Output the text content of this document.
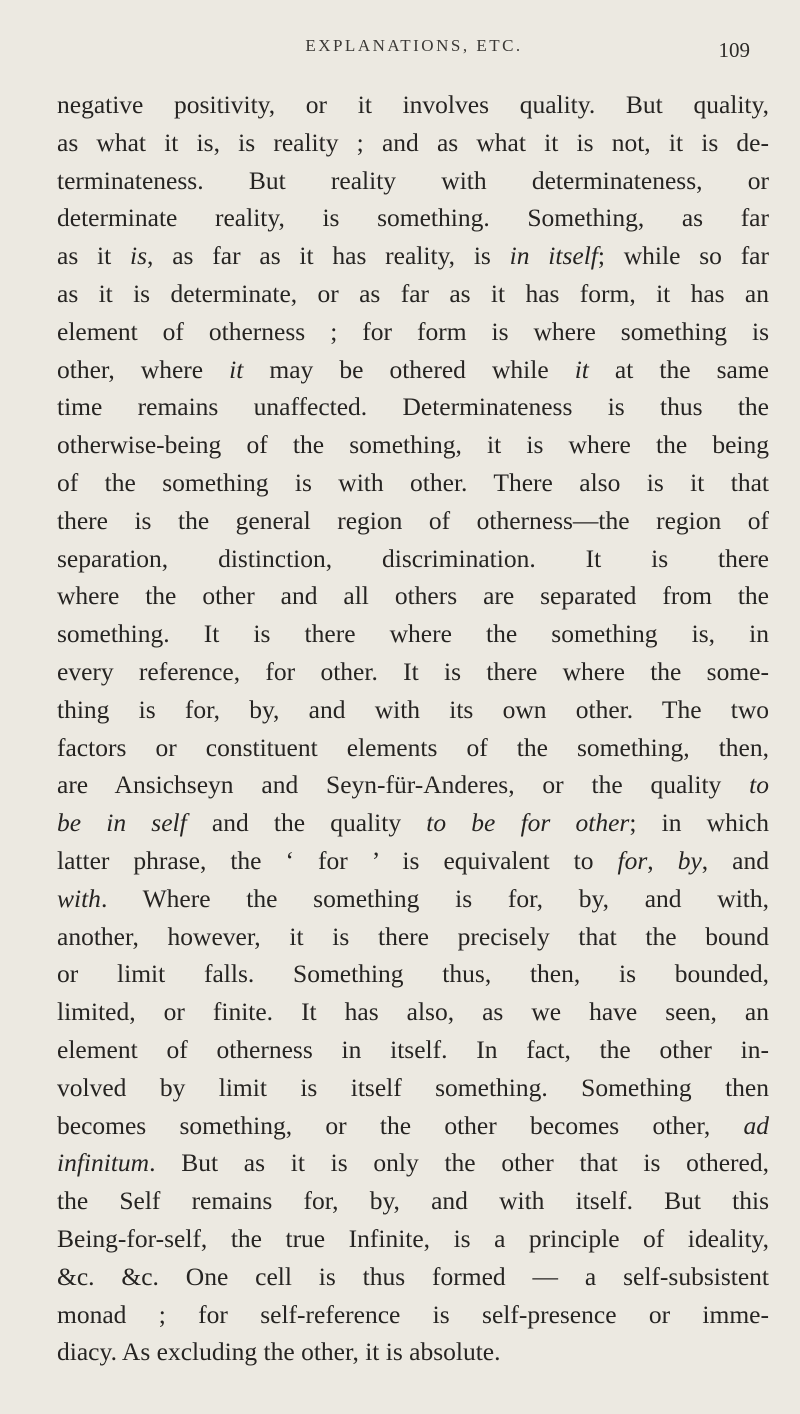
EXPLANATIONS, ETC.	109
negative positivity, or it involves quality. But quality,
as what it is, is reality ; and as what it is not, it is de-
terminateness. But reality with determinateness, or
determinate reality, is something. Something, as far
as it is, as far as it has reality, is in itself; while so far
as it is determinate, or as far as it has form, it has an
element of otherness ; for form is where something is
other, where it may be othered while it at the same
time remains unaffected. Determinateness is thus the
otherwise-being of the something, it is where the being
of the something is with other. There also is it that
there is the general region of otherness—the region of
separation, distinction, discrimination. It is there
where the other and all others are separated from the
something. It is there where the something is, in
every reference, for other. It is there where the some-
thing is for, by, and with its own other. The two
factors or constituent elements of the something, then,
are Ansichseyn and Seyn-für-Anderes, or the quality to
be in self and the quality to be for other; in which
latter phrase, the ‘ for ’ is equivalent to for, by, and
with. Where the something is for, by, and with,
another, however, it is there precisely that the bound
or limit falls. Something thus, then, is bounded,
limited, or finite. It has also, as we have seen, an
element of otherness in itself. In fact, the other in-
volved by limit is itself something. Something then
becomes something, or the other becomes other, ad
infinitum. But as it is only the other that is othered,
the Self remains for, by, and with itself. But this
Being-for-self, the true Infinite, is a principle of ideality,
&c. &c. One cell is thus formed — a self-subsistent
monad ; for self-reference is self-presence or imme-
diacy. As excluding the other, it is absolute.
